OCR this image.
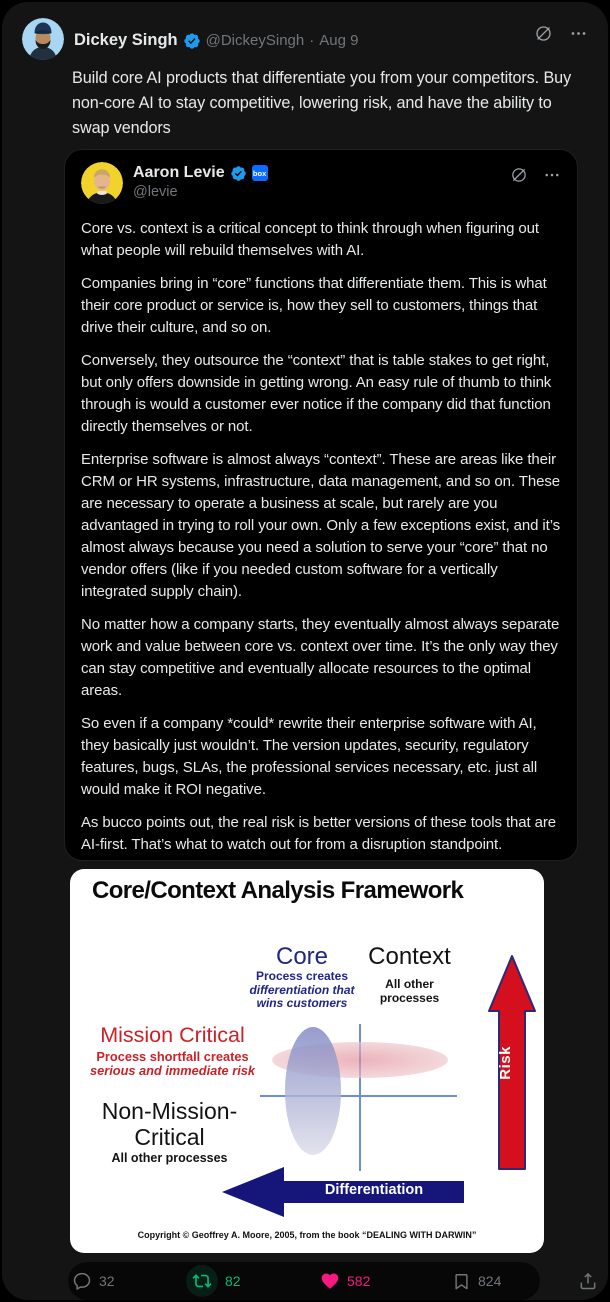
Dickey Singh @DickeySingh · Aug 9
Build core AI products that differentiate you from your competitors. Buy non-core AI to stay competitive, lowering risk, and have the ability to swap vendors
Aaron Levie	box
@levie

Core vs. context is a critical concept to think through when figuring out what people will rebuild themselves with AI.

Companies bring in “core” functions that differentiate them. This is what their core product or service is, how they sell to customers, things that drive their culture, and so on.

Conversely, they outsource the “context” that is table stakes to get right, but only offers downside in getting wrong. An easy rule of thumb to think through is would a customer ever notice if the company did that function directly themselves or not.

Enterprise software is almost always “context”. These are areas like their CRM or HR systems, infrastructure, data management, and so on. These are necessary to operate a business at scale, but rarely are you advantaged in trying to roll your own. Only a few exceptions exist, and it’s almost always because you need a solution to serve your “core” that no vendor offers (like if you needed custom software for a vertically integrated supply chain).

No matter how a company starts, they eventually almost always separate work and value between core vs. context over time. It’s the only way they can stay competitive and eventually allocate resources to the optimal areas.

So even if a company *could* rewrite their enterprise software with AI, they basically just wouldn’t. The version updates, security, regulatory features, bugs, SLAs, the professional services necessary, etc. just all would make it ROI negative.

As bucco points out, the real risk is better versions of these tools that are AI-first. That’s what to watch out for from a disruption standpoint.

Core/Context Analysis Framework
Core
Process creates
differentiation that
wins customers
Context
All other
processes
Mission Critical
Process shortfall creates
serious and immediate risk
Non-Mission-Critical
All other processes
Risk
Differentiation
Copyright © Geoffrey A. Moore, 2005, from the book “DEALING WITH DARWIN”
32	82	582	824
